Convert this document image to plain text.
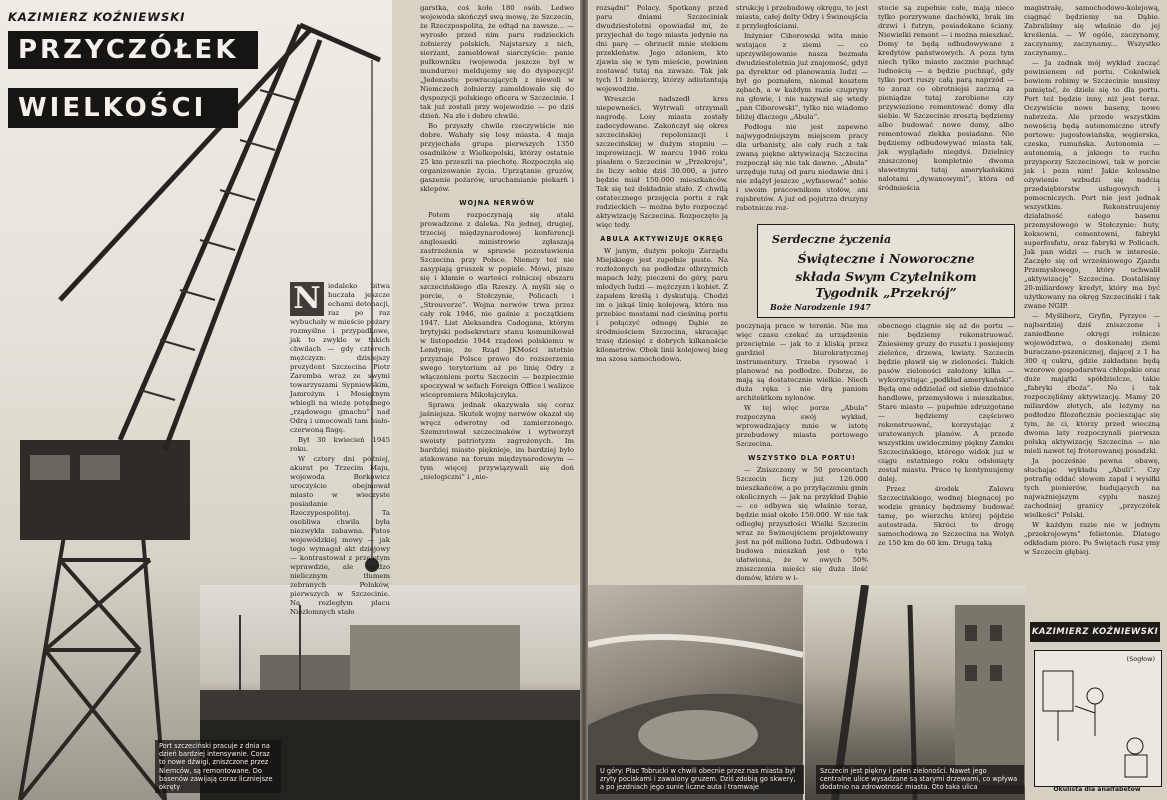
Port szczeciński pracuje z dnia na dzień bardziej intensywnie. Coraz to nowe dźwigi, zniszczone przez Niemców, są remontowane. Do basenów zawijają coraz liczniejsze okręty
KAZIMIERZ KOŹNIEWSKI
PRZYCZÓŁEK
WIELKOŚCI
N	iedaleko bitwa huczała jeszcze echami detonacji, raz po raz wybuchały w mieście pożary rozmyślne i przypadkowe, jak to zwykle w takich chwilach — gdy czterech mężczyzn: dzisiejszy prezydent Szczecina Piotr Zaremba wraz ze swymi towarzyszami Sypniewskim, Jamrożym i Mosiężnym wbiegli na wieżę potężnego „rządowego gmachu” nad Odrą i umocowali tam biało-czerwoną flagę.

Był 30 kwiecień 1945 roku.

W cztery dni później, akurat po Trzecim Maju, wojewoda Borkowicz uroczyście obejmował miasto w wieczyste posiadanie Rzeczypospolitej. Ta osobliwa chwila była niezwykła zabawna. Patos wojewódzkiej mowy — jak tego wymagał akt dziejowy — kontrastował z przejętym wprawdzie, ale bardzo nielicznym tłumem zebranych Polaków, pierwszych w Szczecinie. Na rozległym placu Niezłomnych stało

garstka, coś koło 180 osób. Ledwo wojewoda skończył swą mowę, że Szczecin, że Rzeczpospolita, że odtąd na zawsze... — wyrosło przed nim paru radzieckich żołnierzy polskich. Najstarszy z nich, sierżant, zameldował siarczyście: panie pułkowniku (wojewoda jeszcze był w mundurze) meldujemy się do dyspozycji! „Jedenastu powracających z niewoli w Niemczech żołnierzy zameldowało się do dyspozycji polskiego oficera w Szczecinie. I tak już zostali przy wojewodzie — po dziś dzień. Na złe i dobre chwile.

Bo przyszły chwile rzeczywiście nie dobre. Wahały się losy miasta. 4 maja przyjechała grupa pierwszych 1350 osadników z Wielkopolski, którzy ostatnie 25 km przeszli na piechotę. Rozpoczęła się organizowanie życia. Uprzątanie gruzów, gaszenie pożarów, uruchamianie piekarń i sklepów.

WOJNA NERWÓW

Potem rozpoczynają się ataki prowadzone z daleka. Na jednej, drugiej, trzeciej międzynarodowej konferencji anglosaski ministrowie zgłaszają zastrzeżenia w sprawie pozostawienia Szczecina przy Polsce. Niemcy też nie zasypiają gruszek w popiele. Mówi, pisze się i kłamie o wartości rolniczej obszaru szczecińskiego dla Rzeszy. A myśli się o porcie, o Stołczynie, Policach i „Strouverze”. Wojna nerwów trwa przez cały rok 1946, nie gaśnie z początkiem 1947. List Aleksandra Cadogana, którym brytyjski podsekretarz stanu komunikował w listopadzie 1944 rządowi polskiemu w Londynie, że Rząd JKMości istotnie przyznaje Polsce prawo do rozszerzenia swego terytorium aż po linię Odry z włączeniem portu Szczecin — bezpiecznie spoczywał w sefach Foreign Office i walizce wicepremiera Mikołajczyka.

Sprawa jednak okazywała się coraz jaśniejsza. Skutek wojny nerwów okazał się wręcz odwrotny od zamierzonego. Szemrotował szczecinaków i wytworzył swoisty patriotyzm zagrożonych. Im bardziej miasto pięknieje, im bardziej było atakowane na forum międzynarodowym — tym więcej przywiązywali się doń „nielogiczni” i „nie-

rozsądni” Polacy. Spotkany przed paru dniami Szczeciniak dwudziestoletni opowiadał mi, że przyjechał do tego miasta jedynie na dni parę — obrzucił mnie stekiem przekleństw. Jego zdaniem, kto zjawia się w tym mieście, powinien zostawać tutaj na zawsze. Tak jak tych 11 żołnierzy, którzy adiutantują wojewodzie.

Wreszcie nadszedł kres niepewności. Wytrwali otrzymali nagrodę. Losy miasta zostały zadecydowane. Zakończył się okres szczecińskiej repolonizacji i szczecińskiej w dużym stopniu — improwizacji. W marcu 1946 roku pisałem o Szczecinie w „Przekroju”, że liczy sobie dziś 30.000, a jutro będzie miał 150.000 mieszkańców. Tak się też dokładnie stało. Z chwilą ostatecznego przejęcia portu z rąk radzieckich — można było rozpocząć aktywizację Szczecina. Rozpoczęto ją więc tedy.

ABULA AKTYWIZUJE OKRĘG

W janym, dużym pokoju Zarządu Miejskiego jest zupełnie pusto. Na rozłożonych na podłodze olbrzymich mapach leży, pieczeni do góry, paru młodych ludzi — mężczyzn i kobiet. Z zapałem kreślą i dyskutują. Chodzi im o jakąś linię kolejową, która ma przebiec mostami nad cieśniną portu i połączyć odnogę Dąbie ze śródmieściem Szczecina, skracając trasę dziesięć z dobrych kilkanaście kilometrów. Obok linii kolejowej bieg ma szosa samochodowa.

strukcję i przebudowę okręgu, to jest miasta, całej delty Odry i Świnoujścia z przyległościami.

Inżynier Ciborowski wita mnie wstające z ziemi — co uprzywilejowanie nasza bezmała dwudziestoletnia już znajomość, gdyż pa dyrektor od planowania ludzi — był go poznałem, niemal kosztem zębach, a w każdym razie czupryny na głowie, i nie nazywał się wtedy „pan Ciborowski”, tylko nie wiadomo bliżej dlaczego „Abula”.

Podłoga nie jest zapewne najwygodniejszym miejscem pracy dla urbanisty, ale cały ruch z tak zwaną piękne aktywizacją Szczecina rozpoczął się nie tak dawno. „Abula” urzęduje tutaj od paru niedawie dni i nie zdążył jeszcze „wyfasować” sobie i swoim pracownikom stołów, ani rajsbretów. A już od pojutrza druzyny robotnicze roz-

stocie są zupełnie całe, mają nieco tylko porzrywane dachówki, brak im drzwi i futryn, posiadekane ściany. Niewielki remont — i można mieszkać. Domy te będą odbudowywane z kredytów państwowych. A poza tym niech tylko miasto zacznie puchnąć ludnością — a będzie puchnąć, gdy tylko port ruszy całą parą naprzód — to zaraz co obrotniejsi zaczną za pieniądze tutaj zarobione czy przywiezione remontować domy dla siebie. W Szczecinie zresztą będziemy albo budować nowe domy, albo remontować zlekka posiadane. Nie będziemy odbudowywać miasta tak, jak wyglądało niegdyś. Dzielnicy zniszczonej kompletnie dwoma sławetnymi tutaj amerykańskimi nalotami „dywanowymi”, która od śródmieścia

poczynają prace w terenie. Nie ma więc czasu czekać za urządzenia przeciętnie — jak to z kliską przez gardziel biurokratycznej instrumentury. Trzeba rysować i planować na podłodze. Dobrze, że mają są dostatecznie wielkie. Niech duża ręka i nie drą paniom architektkom nylonów.

W tej więc porze „Abula” rozpoczyna swój wykład, wprowadzający mnie w istotę przebudowy miasta portowego Szczecina.

WSZYSTKO DLA PORTU!

— Zniszczony w 50 procentach Szczecin liczy już 126.000 mieszkańców, a po przyłączeniu gmin okolicznych — jak na przykład Dąbie — co odbywa się właśnie teraz, będzie miał około 150.000. W nie tak odległej przyszłości Wielki Szczecin wraz ze Świnoujściem projektowany jest na pół miliona ludzi. Odbudowa i budowa mieszkań jest o tyle ułatwiona, że w owych 50% zniszczenia mieści się duża ilość domów, które w i-

obecnego ciągnie się aż do portu — nie będziemy rekonstruować. Zniesiemy gruzy do rusztu i posiejemy zieleńce, drzewa, kwiaty. Szczecin będzie pławił się w zieloności. Takich pasów zieloności założony kilka — wykorzystując „podkład amerykański”. Będą one oddzielać od siebie dzielnice handlowe, przemysłowe i mieszkalne. Stare miasto — pupełnie zdruzgotane — będziemy częściowo rekonstruować, korzystając z uratowanych planów. A przede wszystkim uwidocznimy piękny Zamku Szczecińskiego, którego widok już w ciągu ostatniego roku odsłonięty został miastu. Prace tę kontynuujemy dalej.

Przez środek Zalewu Szczecińskiego, wodnej biegnącej po wodzie granicy będziemy budować tamę, po wierzchu której pójdzie autostrada. Skróci to drogę samochodową ze Szczecina na Wolyń ze 150 km do 60 km. Drugą taką

magistralę, samochodowo-kolejową, ciągnąć będziemy na Dąbie. Zabraliśmy się właśnie do jej kreślenia. — W ogóle, zaczynamy, zaczynamy, zaczynamy... Wszystko zaczynamy...

— Ja zadnak mój wykład zacząć powinienem od portu. Cokolwiek bowiem robimy w Szczecinie musimy pamiętać, że dziele się to dla portu. Port też będzie inny, niż jest teraz. Oczywiście nowe baseny, nowe nabrzeża. Ale przede wszystkim nowością będą autonomiczne strefy portowe: jugosłowiańska, węgierska, czeska, rumuńska. Autonomia — autonomią, a jakiego to ruchu przysporzy Szczecinowi, tak w porcie jak i poza nim! Jakie kolosalne ożywienie wzbudzi się nadcią przedsiębiorstw usługowych i pomocniczych. Port nie jest jednak wszystkim. Rekonstruujemy działalność całego basenu przemysłowego w Stołczynie: huty, koksowni, cementowni, fabryki superfosfatu, oraz fabryki w Policach. Jak pan widzi — ruch w interesie. Zaczęło się od wrześniowego Zjazdu Przemysłowego, który uchwalił „aktywizację” Szczecina. Dostaliśmy 20-miliardowy kredyt, który ma być użytkowany na okręg Szczeciński i tak zwane NGIP.

— Myśliborz, Gryfin, Pyrzyce — najbardziej dziś zniszczone i zaniedbane okręgi rolnicze województwa, o doskonałej ziemi buraczano-pszenicznej, dającej z 1 ha 300 q cukru, gdzie zakładane będą wzorowe gospodarstwa chłopskie oraz duże majątki spółdzielcze, takie „fabryki zboża”. No i tak rozpoczęliśmy aktywizację. Mamy 20 miliardów złotych, ale leżymy na podłodze filozoficznie pociesząjąc się tym, że ci, którzy przed wieczną dwoma laty rozpoczynali pierwsza polską aktywizację Szczecina — nie mieli nawet tej froterowanej posadzki.

Ja pocześnie pewna obawę, słuchając wykładu „Abuli”. Czy potrafię oddać słowem zapał i wysiłki tych pionierów, budujących na najważniejszym cyplu naszej zachodniej granicy „przyczółek wielkości” Polski.

W każdym razie nie w jednym „przekrojowym” felietonie. Dlatego odkładam pióro. Po Świętach rusz ymy w Szczecin głębiej.

Serdeczne życzenia
Świąteczne i Noworoczne
składa Swym Czytelnikom
Tygodnik „Przekrój”
Boże Narodzenie 1947
U góry: Plac Tobrucki w chwili obecnie przez nas miasta był zryty pociskami i zawalony gruzem. Dziś zdobią go skwery, a po jezdniach jego sunie liczne auta i tramwaje
Szczecin jest piękny i pełen zieloności. Nawet jego centralne ulice wysadzane są starymi drzewami, co wpływa dodatnio na zdrowotność miasta. Oto taka ulica
KAZIMIERZ KOŹNIEWSKI
(Sogłow)
Okulista dla analfabetów
